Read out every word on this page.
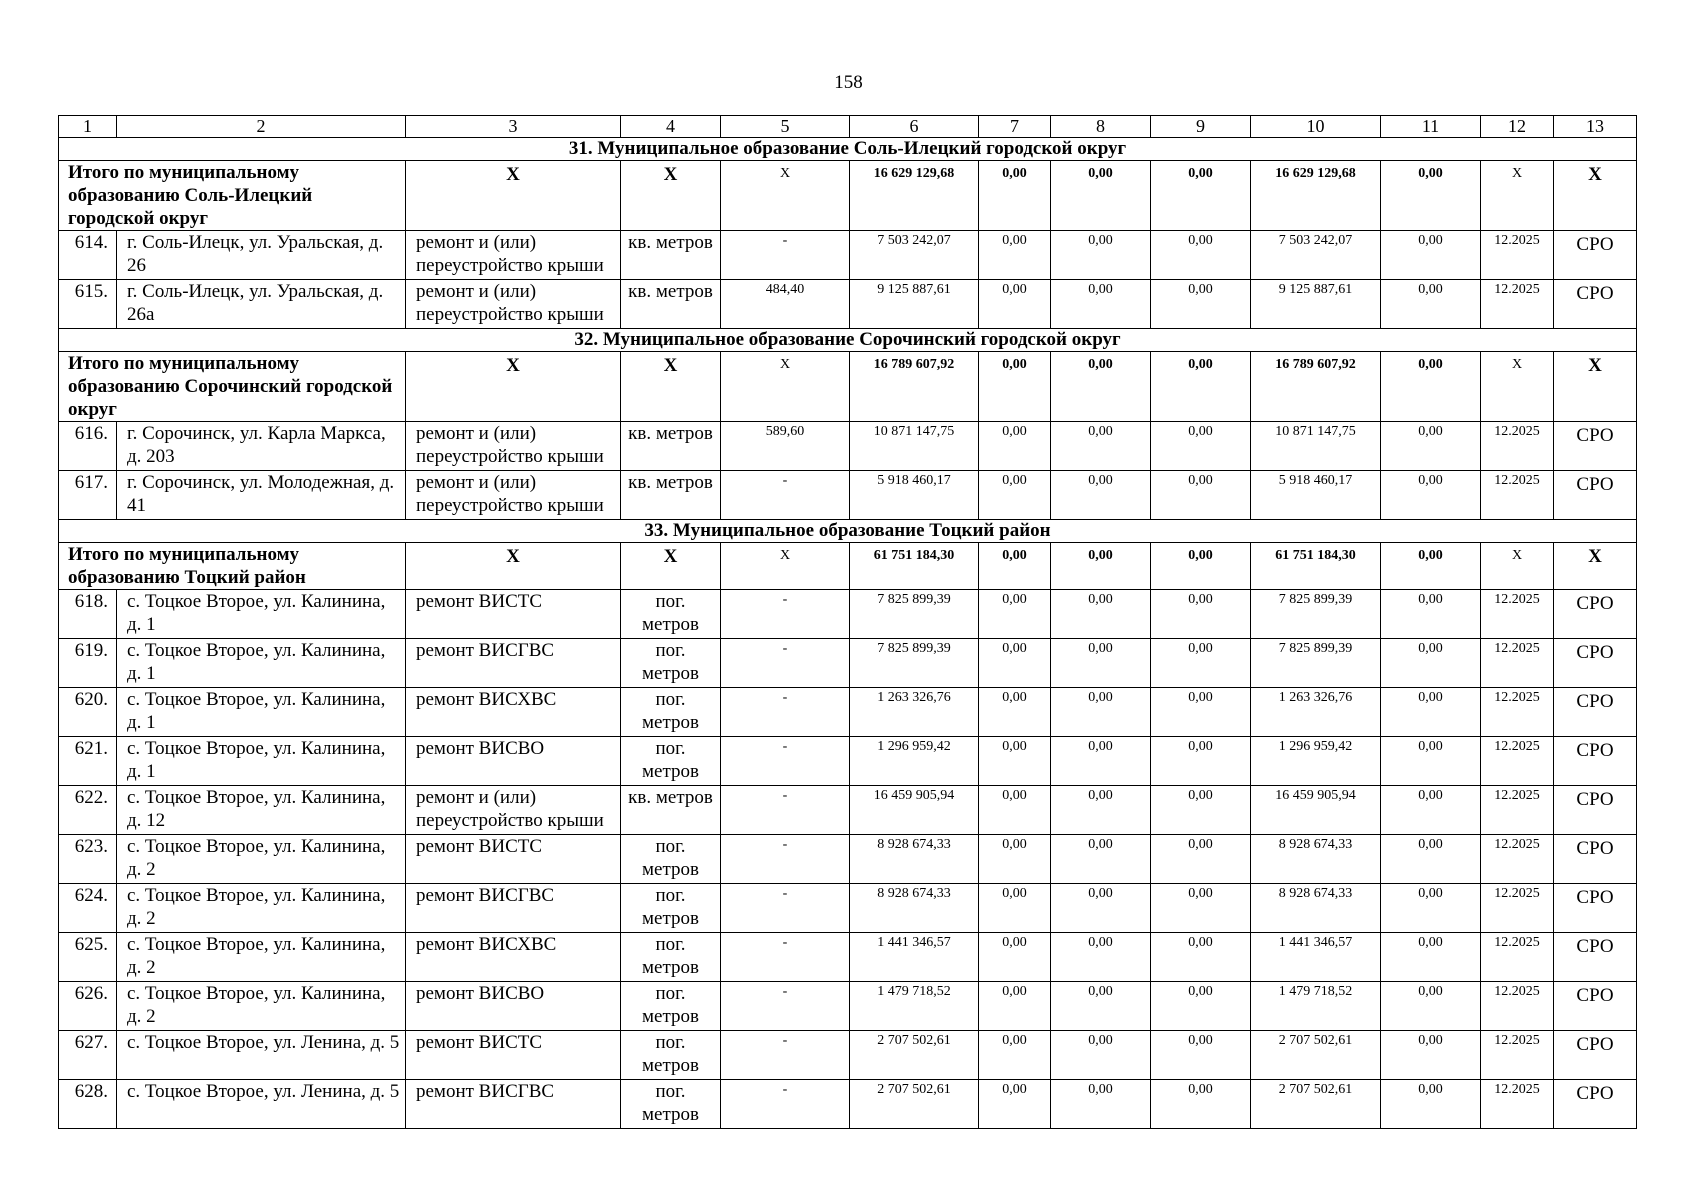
158
1	2	3	4	5	6	7	8	9	10	11	12	13
31. Муниципальное образование Соль-Илецкий городской округ												
Итого по муниципальному образованию Соль-Илецкий городской округ		Х	Х	Х	16 629 129,68	0,00	0,00	0,00	16 629 129,68	0,00	Х	Х
614.	г. Соль-Илецк, ул. Уральская, д. 26	ремонт и (или) переустройство крыши	кв. метров	-	7 503 242,07	0,00	0,00	0,00	7 503 242,07	0,00	12.2025	СРО
615.	г. Соль-Илецк, ул. Уральская, д. 26а	ремонт и (или) переустройство крыши	кв. метров	484,40	9 125 887,61	0,00	0,00	0,00	9 125 887,61	0,00	12.2025	СРО
32. Муниципальное образование Сорочинский городской округ												
Итого по муниципальному образованию Сорочинский городской округ		Х	Х	Х	16 789 607,92	0,00	0,00	0,00	16 789 607,92	0,00	Х	Х
616.	г. Сорочинск, ул. Карла Маркса, д. 203	ремонт и (или) переустройство крыши	кв. метров	589,60	10 871 147,75	0,00	0,00	0,00	10 871 147,75	0,00	12.2025	СРО
617.	г. Сорочинск, ул. Молодежная, д. 41	ремонт и (или) переустройство крыши	кв. метров	-	5 918 460,17	0,00	0,00	0,00	5 918 460,17	0,00	12.2025	СРО
33. Муниципальное образование Тоцкий район												
Итого по муниципальному образованию Тоцкий район		Х	Х	Х	61 751 184,30	0,00	0,00	0,00	61 751 184,30	0,00	Х	Х
618.	с. Тоцкое Второе, ул. Калинина, д. 1	ремонт ВИСТС	пог. метров	-	7 825 899,39	0,00	0,00	0,00	7 825 899,39	0,00	12.2025	СРО
619.	с. Тоцкое Второе, ул. Калинина, д. 1	ремонт ВИСГВС	пог. метров	-	7 825 899,39	0,00	0,00	0,00	7 825 899,39	0,00	12.2025	СРО
620.	с. Тоцкое Второе, ул. Калинина, д. 1	ремонт ВИСХВС	пог. метров	-	1 263 326,76	0,00	0,00	0,00	1 263 326,76	0,00	12.2025	СРО
621.	с. Тоцкое Второе, ул. Калинина, д. 1	ремонт ВИСВО	пог. метров	-	1 296 959,42	0,00	0,00	0,00	1 296 959,42	0,00	12.2025	СРО
622.	с. Тоцкое Второе, ул. Калинина, д. 12	ремонт и (или) переустройство крыши	кв. метров	-	16 459 905,94	0,00	0,00	0,00	16 459 905,94	0,00	12.2025	СРО
623.	с. Тоцкое Второе, ул. Калинина, д. 2	ремонт ВИСТС	пог. метров	-	8 928 674,33	0,00	0,00	0,00	8 928 674,33	0,00	12.2025	СРО
624.	с. Тоцкое Второе, ул. Калинина, д. 2	ремонт ВИСГВС	пог. метров	-	8 928 674,33	0,00	0,00	0,00	8 928 674,33	0,00	12.2025	СРО
625.	с. Тоцкое Второе, ул. Калинина, д. 2	ремонт ВИСХВС	пог. метров	-	1 441 346,57	0,00	0,00	0,00	1 441 346,57	0,00	12.2025	СРО
626.	с. Тоцкое Второе, ул. Калинина, д. 2	ремонт ВИСВО	пог. метров	-	1 479 718,52	0,00	0,00	0,00	1 479 718,52	0,00	12.2025	СРО
627.	с. Тоцкое Второе, ул. Ленина, д. 5	ремонт ВИСТС	пог. метров	-	2 707 502,61	0,00	0,00	0,00	2 707 502,61	0,00	12.2025	СРО
628.	с. Тоцкое Второе, ул. Ленина, д. 5	ремонт ВИСГВС	пог. метров	-	2 707 502,61	0,00	0,00	0,00	2 707 502,61	0,00	12.2025	СРО
